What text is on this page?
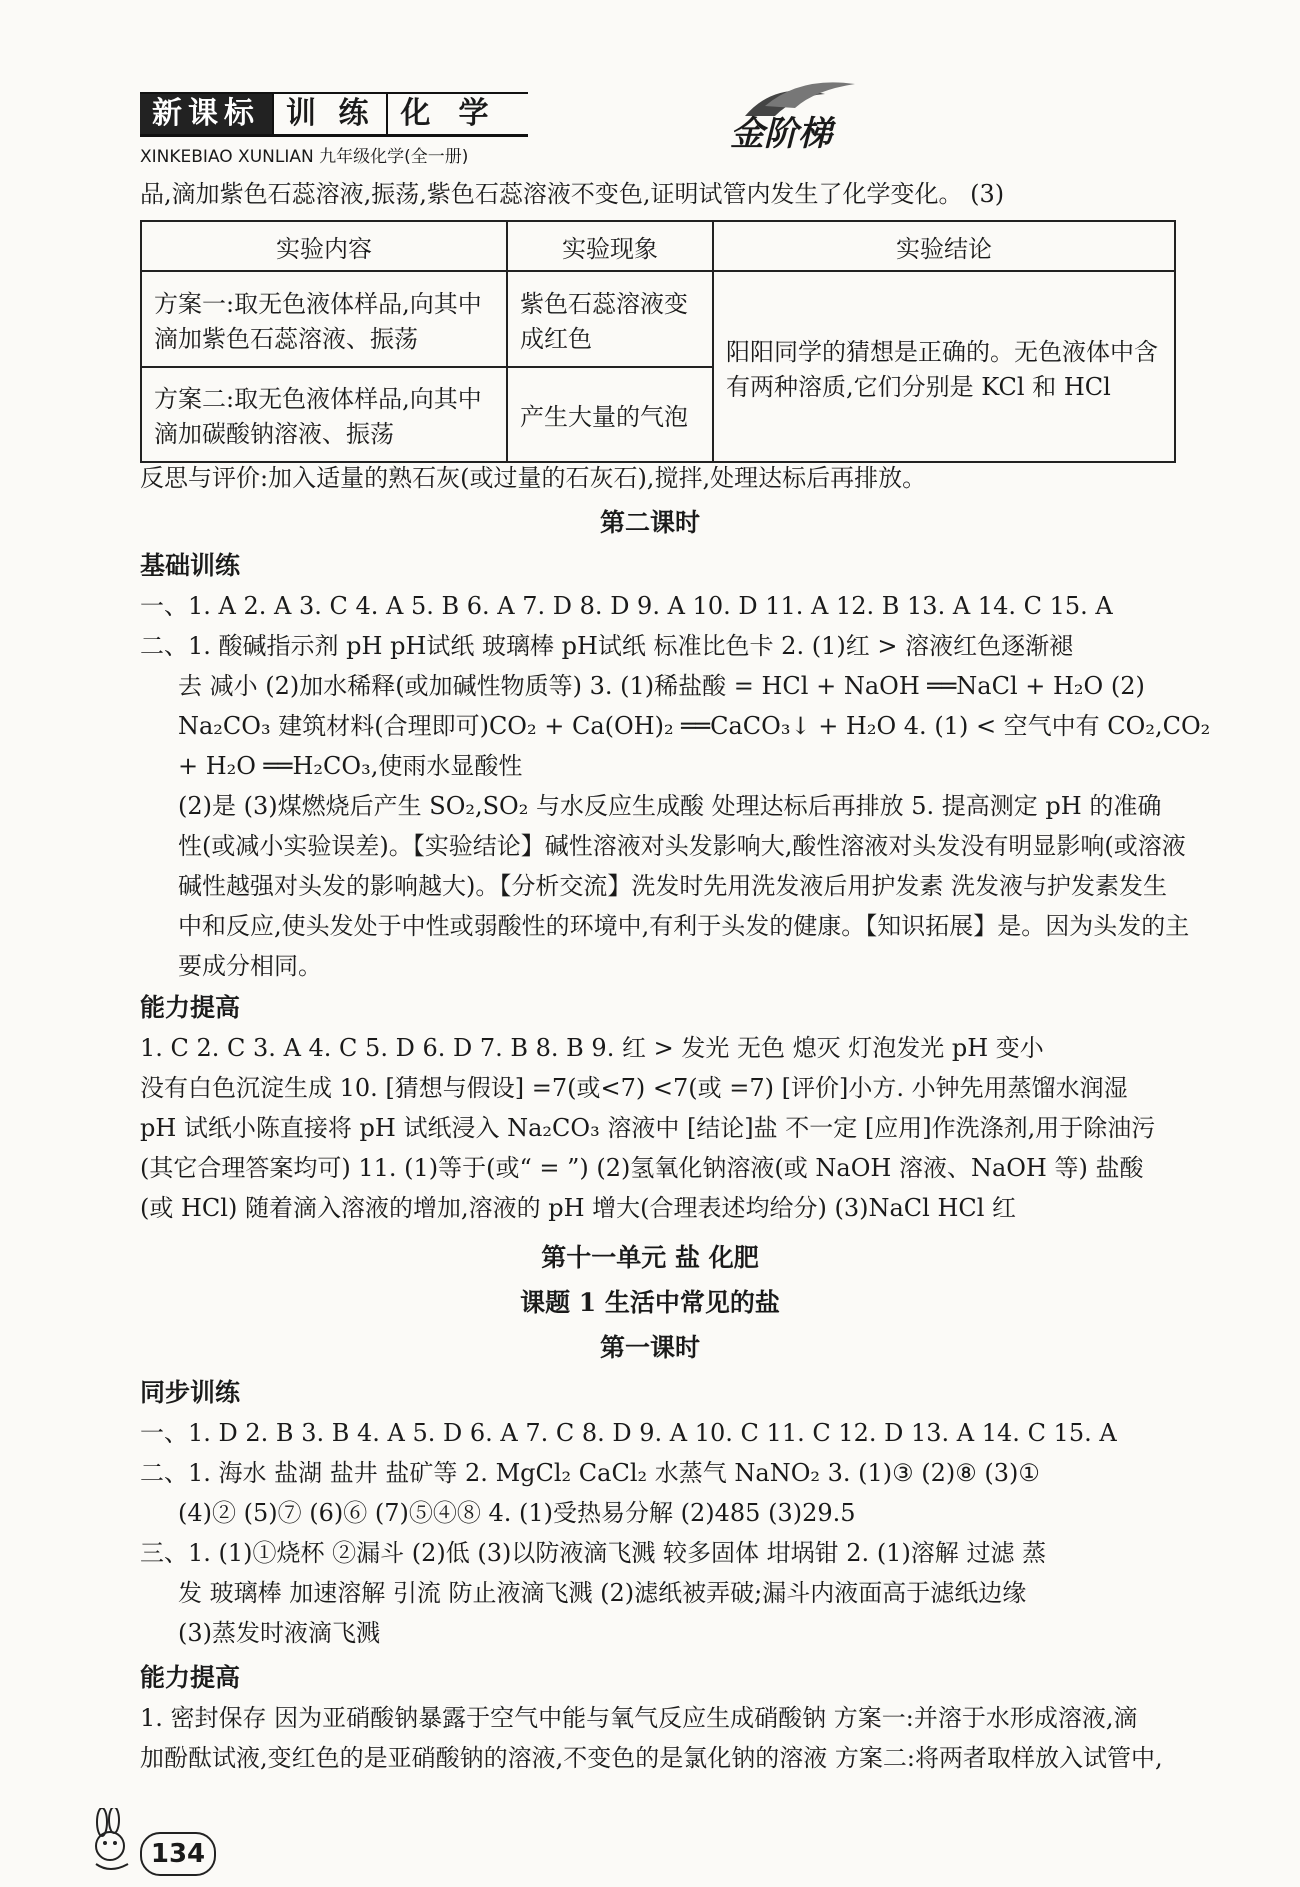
新课标 训 练 化学
金阶梯
XINKEBIAO XUNLIAN 九年级化学(全一册)
品,滴加紫色石蕊溶液,振荡,紫色石蕊溶液不变色,证明试管内发生了化学变化。 (3)
实验内容	实验现象	实验结论
方案一:取无色液体样品,向其中滴加紫色石蕊溶液、振荡	紫色石蕊溶液变成红色	阳阳同学的猜想是正确的。无色液体中含有两种溶质,它们分别是 KCl 和 HCl
方案二:取无色液体样品,向其中滴加碳酸钠溶液、振荡	产生大量的气泡	
反思与评价:加入适量的熟石灰(或过量的石灰石),搅拌,处理达标后再排放。
第二课时
基础训练
一、1. A 2. A 3. C 4. A 5. B 6. A 7. D 8. D 9. A 10. D 11. A 12. B 13. A 14. C 15. A
二、1. 酸碱指示剂 pH pH试纸 玻璃棒 pH试纸 标准比色卡 2. (1)红 > 溶液红色逐渐褪
去 减小 (2)加水稀释(或加碱性物质等) 3. (1)稀盐酸 = HCl + NaOH ══NaCl + H₂O (2)
Na₂CO₃ 建筑材料(合理即可)CO₂ + Ca(OH)₂ ══CaCO₃↓ + H₂O 4. (1) < 空气中有 CO₂,CO₂
+ H₂O ══H₂CO₃,使雨水显酸性
(2)是 (3)煤燃烧后产生 SO₂,SO₂ 与水反应生成酸 处理达标后再排放 5. 提高测定 pH 的准确
性(或减小实验误差)。【实验结论】碱性溶液对头发影响大,酸性溶液对头发没有明显影响(或溶液
碱性越强对头发的影响越大)。【分析交流】洗发时先用洗发液后用护发素 洗发液与护发素发生
中和反应,使头发处于中性或弱酸性的环境中,有利于头发的健康。【知识拓展】是。因为头发的主
要成分相同。
能力提高
1. C 2. C 3. A 4. C 5. D 6. D 7. B 8. B 9. 红 > 发光 无色 熄灭 灯泡发光 pH 变小
没有白色沉淀生成 10. [猜想与假设] =7(或<7) <7(或 =7) [评价]小方. 小钟先用蒸馏水润湿
pH 试纸小陈直接将 pH 试纸浸入 Na₂CO₃ 溶液中 [结论]盐 不一定 [应用]作洗涤剂,用于除油污
(其它合理答案均可) 11. (1)等于(或“ = ”) (2)氢氧化钠溶液(或 NaOH 溶液、NaOH 等) 盐酸
(或 HCl) 随着滴入溶液的增加,溶液的 pH 增大(合理表述均给分) (3)NaCl HCl 红
第十一单元 盐 化肥
课题 1 生活中常见的盐
第一课时
同步训练
一、1. D 2. B 3. B 4. A 5. D 6. A 7. C 8. D 9. A 10. C 11. C 12. D 13. A 14. C 15. A
二、1. 海水 盐湖 盐井 盐矿等 2. MgCl₂ CaCl₂ 水蒸气 NaNO₂ 3. (1)③ (2)⑧ (3)①
(4)② (5)⑦ (6)⑥ (7)⑤④⑧ 4. (1)受热易分解 (2)485 (3)29.5
三、1. (1)①烧杯 ②漏斗 (2)低 (3)以防液滴飞溅 较多固体 坩埚钳 2. (1)溶解 过滤 蒸
发 玻璃棒 加速溶解 引流 防止液滴飞溅 (2)滤纸被弄破;漏斗内液面高于滤纸边缘
(3)蒸发时液滴飞溅
能力提高
1. 密封保存 因为亚硝酸钠暴露于空气中能与氧气反应生成硝酸钠 方案一:并溶于水形成溶液,滴
加酚酞试液,变红色的是亚硝酸钠的溶液,不变色的是氯化钠的溶液 方案二:将两者取样放入试管中,
134
